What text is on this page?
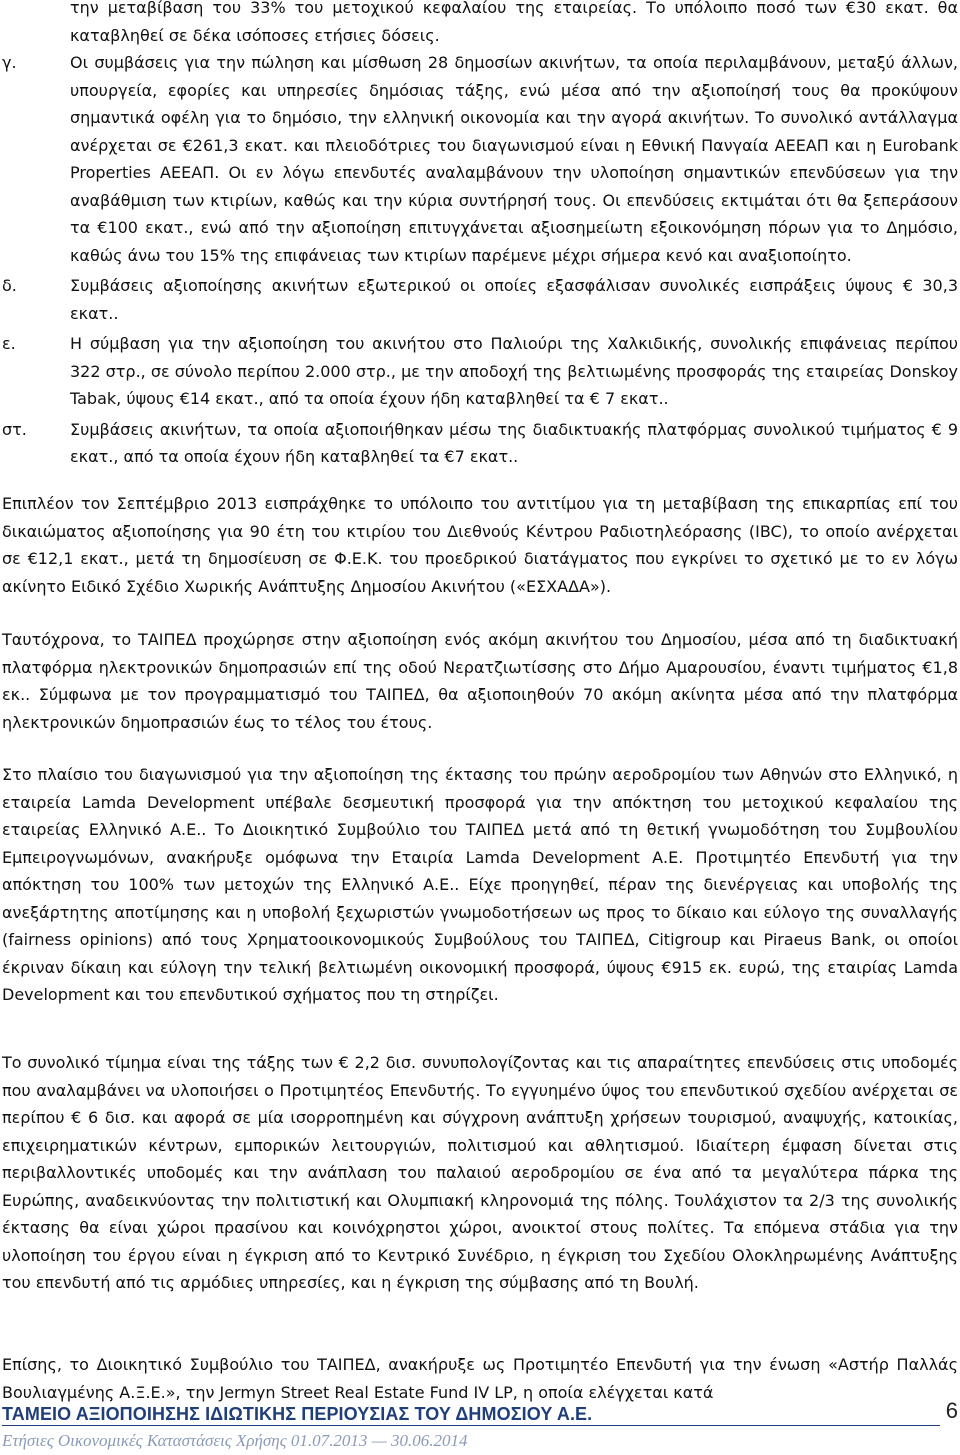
την μεταβίβαση του 33% του μετοχικού κεφαλαίου της εταιρείας. Το υπόλοιπο ποσό των €30 εκατ. θα καταβληθεί σε δέκα ισόποσες ετήσιες δόσεις.
γ.	Οι συμβάσεις για την πώληση και μίσθωση 28 δημοσίων ακινήτων, τα οποία περιλαμβάνουν, μεταξύ άλλων, υπουργεία, εφορίες και υπηρεσίες δημόσιας τάξης, ενώ μέσα από την αξιοποίησή τους θα προκύψουν σημαντικά οφέλη για το δημόσιο, την ελληνική οικονομία και την αγορά ακινήτων. Το συνολικό αντάλλαγμα ανέρχεται σε €261,3 εκατ. και πλειοδότριες του διαγωνισμού είναι η Εθνική Πανγαία ΑΕΕΑΠ και η Eurobank Properties ΑΕΕΑΠ. Οι εν λόγω επενδυτές αναλαμβάνουν την υλοποίηση σημαντικών επενδύσεων για την αναβάθμιση των κτιρίων, καθώς και την κύρια συντήρησή τους. Οι επενδύσεις εκτιμάται ότι θα ξεπεράσουν τα €100 εκατ., ενώ από την αξιοποίηση επιτυγχάνεται αξιοσημείωτη εξοικονόμηση πόρων για το Δημόσιο, καθώς άνω του 15% της επιφάνειας των κτιρίων παρέμενε μέχρι σήμερα κενό και αναξιοποίητο.
δ.	Συμβάσεις αξιοποίησης ακινήτων εξωτερικού οι οποίες εξασφάλισαν συνολικές εισπράξεις ύψους € 30,3 εκατ..
ε.	Η σύμβαση για την αξιοποίηση του ακινήτου στο Παλιούρι της Χαλκιδικής, συνολικής επιφάνειας περίπου 322 στρ., σε σύνολο περίπου 2.000 στρ., με την αποδοχή της βελτιωμένης προσφοράς της εταιρείας Donskoy Tabak, ύψους €14 εκατ., από τα οποία έχουν ήδη καταβληθεί τα € 7 εκατ..
στ.	Συμβάσεις ακινήτων, τα οποία αξιοποιήθηκαν μέσω της διαδικτυακής πλατφόρμας συνολικού τιμήματος € 9 εκατ., από τα οποία έχουν ήδη καταβληθεί τα €7 εκατ..

Επιπλέον τον Σεπτέμβριο 2013 εισπράχθηκε το υπόλοιπο του αντιτίμου για τη μεταβίβαση της επικαρπίας επί του δικαιώματος αξιοποίησης για 90 έτη του κτιρίου του Διεθνούς Κέντρου Ραδιοτηλεόρασης (IBC), το οποίο ανέρχεται σε €12,1 εκατ., μετά τη δημοσίευση σε Φ.Ε.Κ. του προεδρικού διατάγματος που εγκρίνει το σχετικό με το εν λόγω ακίνητο Ειδικό Σχέδιο Χωρικής Ανάπτυξης Δημοσίου Ακινήτου («ΕΣΧΑΔΑ»).

Ταυτόχρονα, το ΤΑΙΠΕΔ προχώρησε στην αξιοποίηση ενός ακόμη ακινήτου του Δημοσίου, μέσα από τη διαδικτυακή πλατφόρμα ηλεκτρονικών δημοπρασιών επί της οδού Νερατζιωτίσσης στο Δήμο Αμαρουσίου, έναντι τιμήματος €1,8 εκ.. Σύμφωνα με τον προγραμματισμό του ΤΑΙΠΕΔ, θα αξιοποιηθούν 70 ακόμη ακίνητα μέσα από την πλατφόρμα ηλεκτρονικών δημοπρασιών έως το τέλος του έτους.

Στο πλαίσιο του διαγωνισμού για την αξιοποίηση της έκτασης του πρώην αεροδρομίου των Αθηνών στο Ελληνικό, η εταιρεία Lamda Development υπέβαλε δεσμευτική προσφορά για την απόκτηση του μετοχικού κεφαλαίου της εταιρείας Ελληνικό Α.Ε.. Το Διοικητικό Συμβούλιο του ΤΑΙΠΕΔ μετά από τη θετική γνωμοδότηση του Συμβουλίου Εμπειρογνωμόνων, ανακήρυξε ομόφωνα την Εταιρία Lamda Development Α.Ε. Προτιμητέο Επενδυτή για την απόκτηση του 100% των μετοχών της Ελληνικό Α.Ε.. Είχε προηγηθεί, πέραν της διενέργειας και υποβολής της ανεξάρτητης αποτίμησης και η υποβολή ξεχωριστών γνωμοδοτήσεων ως προς το δίκαιο και εύλογο της συναλλαγής (fairness opinions) από τους Χρηματοοικονομικούς Συμβούλους του ΤΑΙΠΕΔ, Citigroup και Piraeus Bank, οι οποίοι έκριναν δίκαιη και εύλογη την τελική βελτιωμένη οικονομική προσφορά, ύψους €915 εκ. ευρώ, της εταιρίας Lamda Development και του επενδυτικού σχήματος που τη στηρίζει.

Το συνολικό τίμημα είναι της τάξης των € 2,2 δισ. συνυπολογίζοντας και τις απαραίτητες επενδύσεις στις υποδομές που αναλαμβάνει να υλοποιήσει ο Προτιμητέος Επενδυτής. Το εγγυημένο ύψος του επενδυτικού σχεδίου ανέρχεται σε περίπου € 6 δισ. και αφορά σε μία ισορροπημένη και σύγχρονη ανάπτυξη χρήσεων τουρισμού, αναψυχής, κατοικίας, επιχειρηματικών κέντρων, εμπορικών λειτουργιών, πολιτισμού και αθλητισμού. Ιδιαίτερη έμφαση δίνεται στις περιβαλλοντικές υποδομές και την ανάπλαση του παλαιού αεροδρομίου σε ένα από τα μεγαλύτερα πάρκα της Ευρώπης, αναδεικνύοντας την πολιτιστική και Ολυμπιακή κληρονομιά της πόλης. Τουλάχιστον τα 2/3 της συνολικής έκτασης θα είναι χώροι πρασίνου και κοινόχρηστοι χώροι, ανοικτοί στους πολίτες. Τα επόμενα στάδια για την υλοποίηση του έργου είναι η έγκριση από το Κεντρικό Συνέδριο, η έγκριση του Σχεδίου Ολοκληρωμένης Ανάπτυξης του επενδυτή από τις αρμόδιες υπηρεσίες, και η έγκριση της σύμβασης από τη Βουλή.

Επίσης, το Διοικητικό Συμβούλιο του ΤΑΙΠΕΔ, ανακήρυξε ως Προτιμητέο Επενδυτή για την ένωση «Αστήρ Παλλάς Βουλιαγμένης Α.Ξ.Ε.», την Jermyn Street Real Estate Fund IV LP, η οποία ελέγχεται κατά

ΤΑΜΕΙΟ ΑΞΙΟΠΟΙΗΣΗΣ ΙΔΙΩΤΙΚΗΣ ΠΕΡΙΟΥΣΙΑΣ ΤΟΥ ΔΗΜΟΣΙΟΥ Α.Ε.	6
Ετήσιες Οικονομικές Καταστάσεις Χρήσης 01.07.2013 — 30.06.2014
